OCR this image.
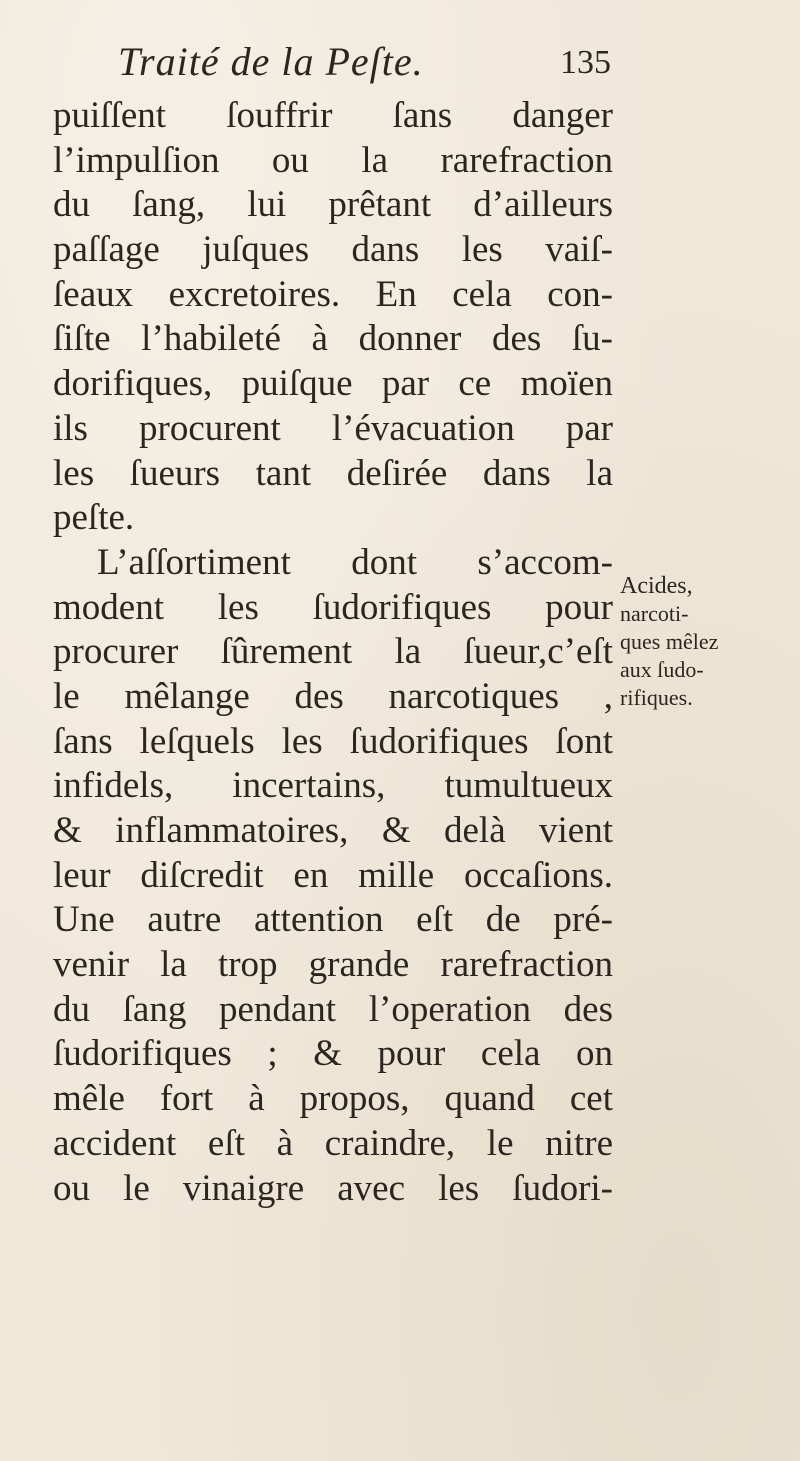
Traité de la Peſte.	135
puiſſent ſouffrir ſans danger
l’impulſion ou la rarefraction
du ſang, lui prêtant d’ailleurs
paſſage juſques dans les vaiſ-
ſeaux excretoires. En cela con-
ſiſte l’habileté à donner des ſu-
dorifiques, puiſque par ce moïen
ils procurent l’évacuation par
les ſueurs tant deſirée dans la
peſte.
L’aſſortiment dont s’accom-
modent les ſudorifiques pour
procurer ſûrement la ſueur,c’eſt
le mêlange des narcotiques ,
ſans leſquels les ſudorifiques ſont
infidels, incertains, tumultueux
& inflammatoires, & delà vient
leur diſcredit en mille occaſions.
Une autre attention eſt de pré-
venir la trop grande rarefraction
du ſang pendant l’operation des
ſudorifiques ; & pour cela on
mêle fort à propos, quand cet
accident eſt à craindre, le nitre
ou le vinaigre avec les ſudori-
Acides,
narcoti-
ques mêlez
aux ſudo-
rifiques.
